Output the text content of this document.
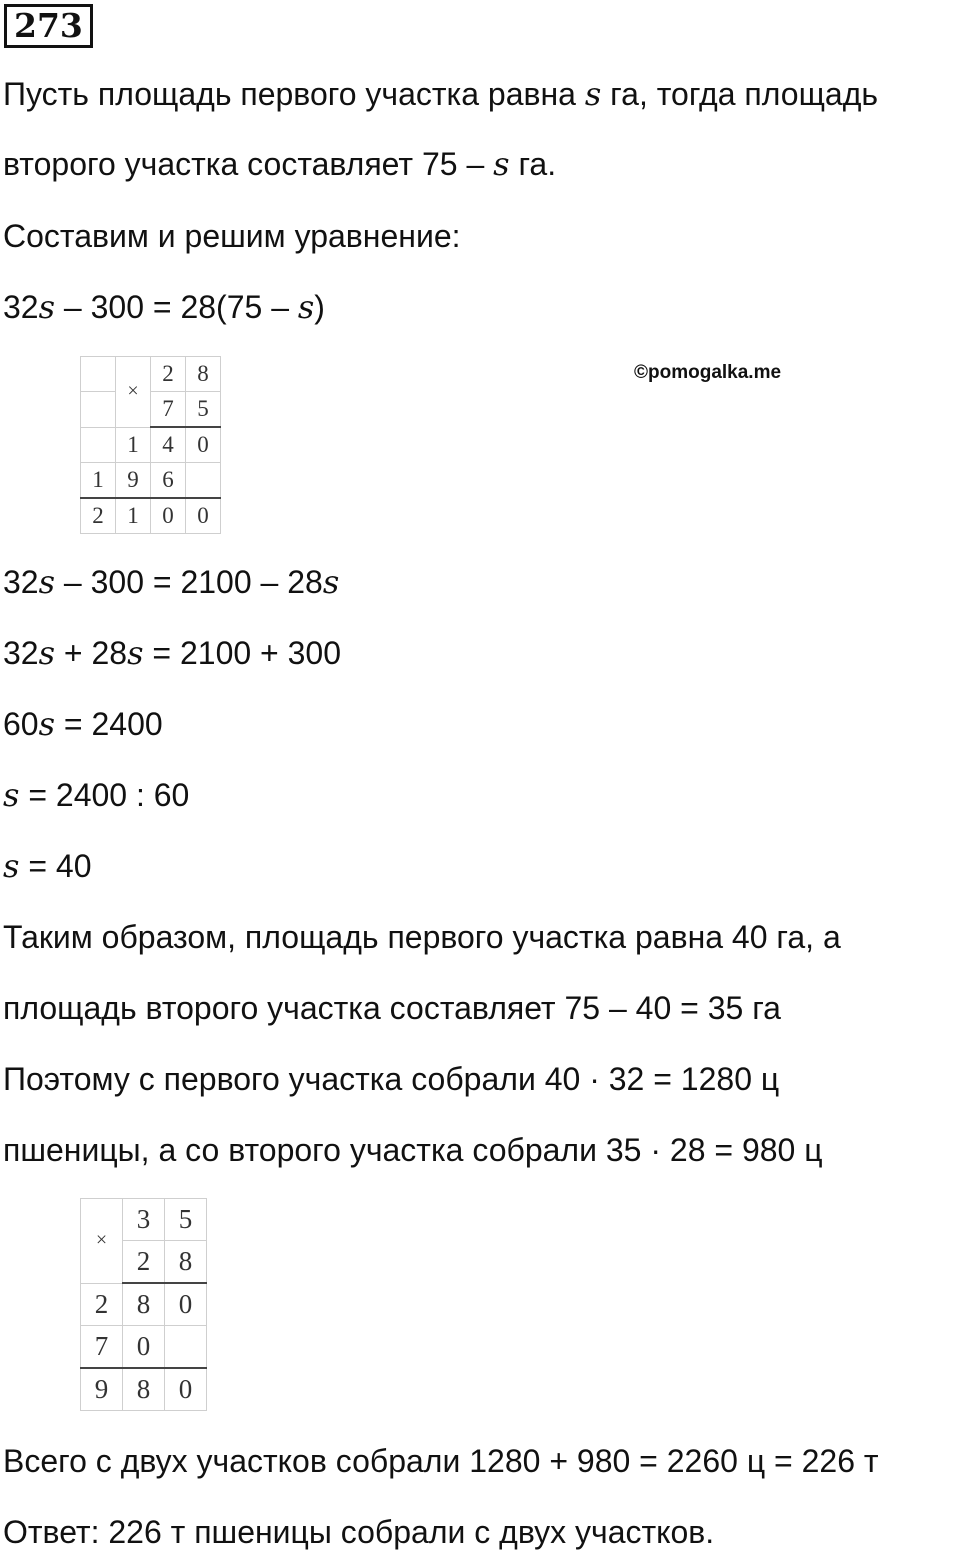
273
Пусть площадь первого участка равна s га, тогда площадь
второго участка составляет 75 – s га.
Составим и решим уравнение:
32s – 300 = 28(75 – s)
©pomogalka.me
	×	2	8
		7	5
	1	4	0
1	9	6	
2	1	0	0
32s – 300 = 2100 – 28s
32s + 28s = 2100 + 300
60s = 2400
s = 2400 : 60
s = 40
Таким образом, площадь первого участка равна 40 га, а
площадь второго участка составляет 75 – 40 = 35 га
Поэтому с первого участка собрали 40 · 32 = 1280 ц
пшеницы, а со второго участка собрали 35 · 28 = 980 ц
×	3	5
	2	8
2	8	0
7	0	
9	8	0
Всего с двух участков собрали 1280 + 980 = 2260 ц = 226 т
Ответ: 226 т пшеницы собрали с двух участков.
